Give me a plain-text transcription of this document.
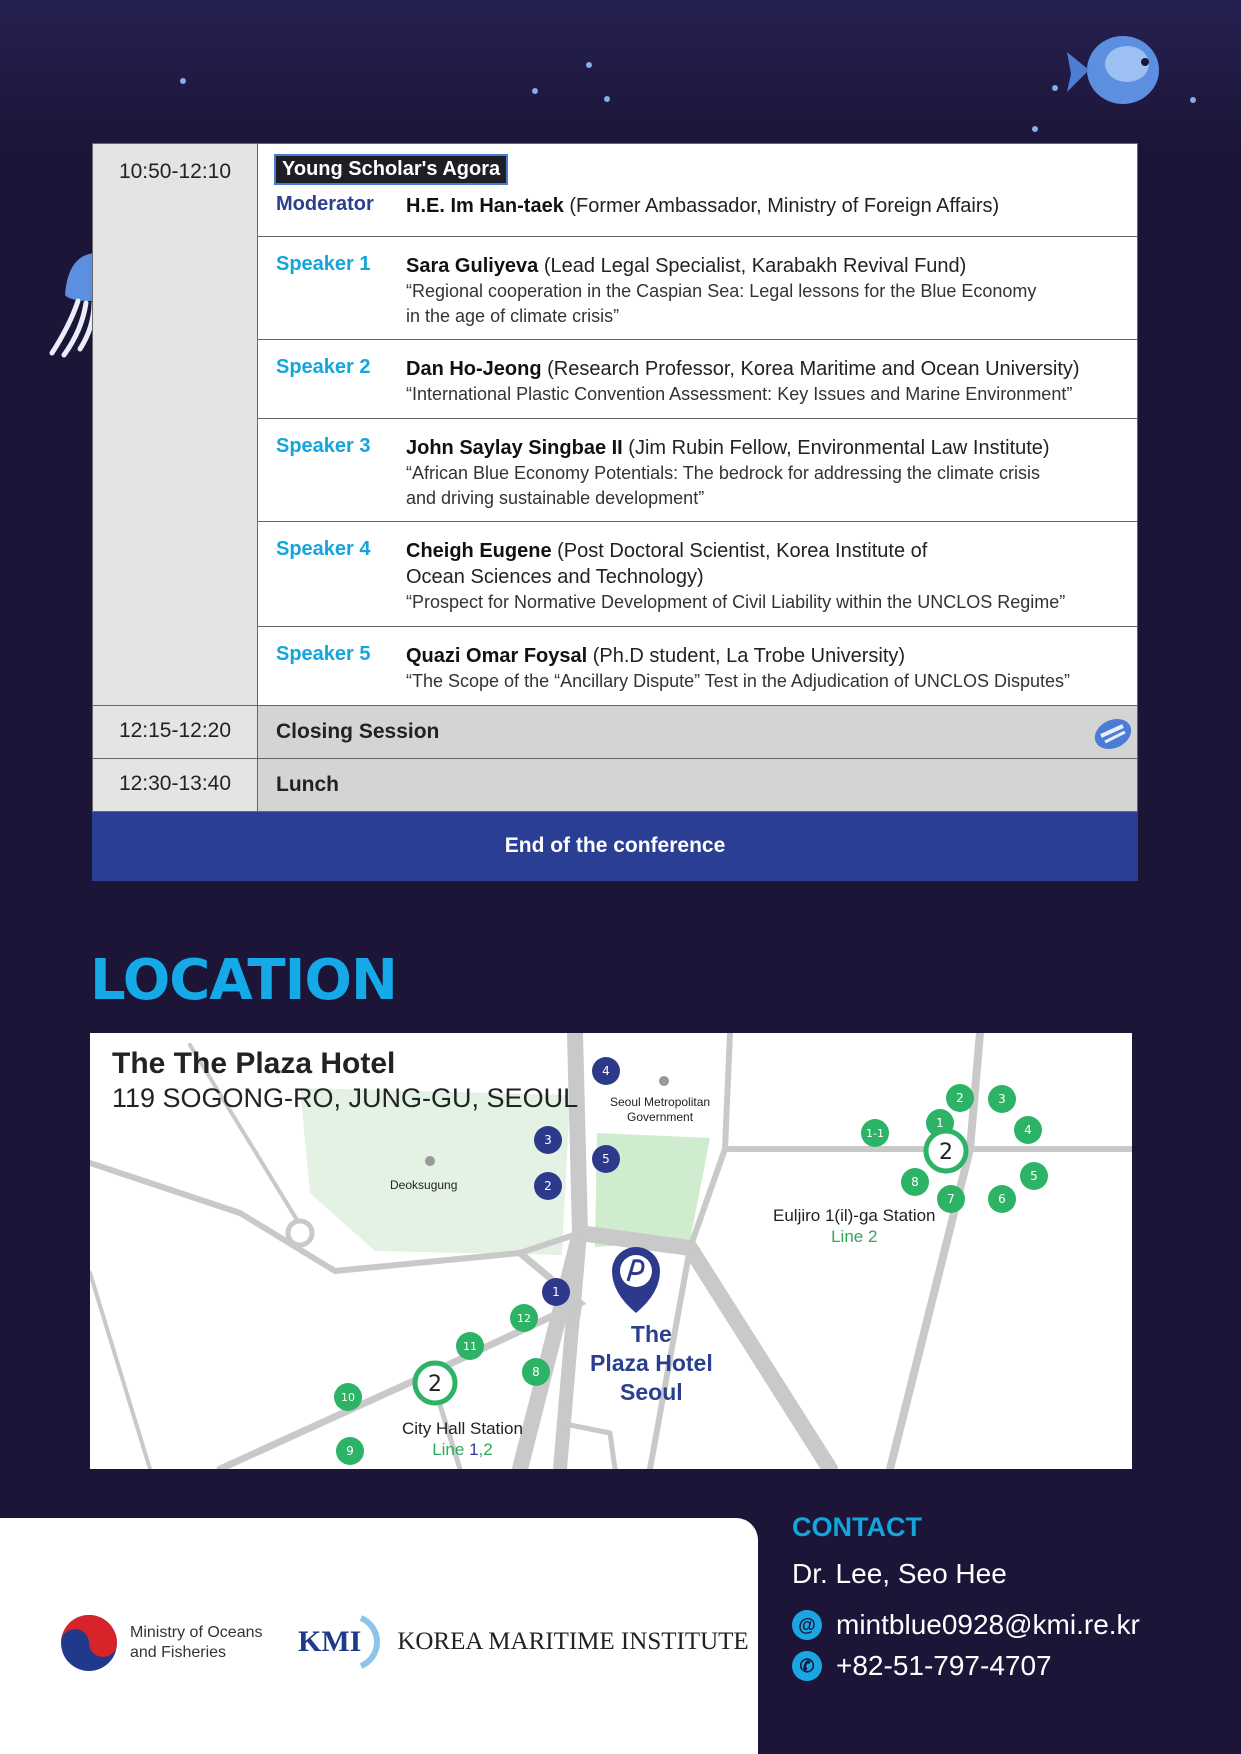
10:50-12:10	Young Scholar's Agora
Moderator H.E. Im Han-taek (Former Ambassador, Ministry of Foreign Affairs)

	Speaker 1 Sara Guliyeva (Lead Legal Specialist, Karabakh Revival Fund)
“Regional cooperation in the Caspian Sea: Legal lessons for the Blue Economy
in the age of climate crisis”

	Speaker 2 Dan Ho-Jeong (Research Professor, Korea Maritime and Ocean University)
“International Plastic Convention Assessment: Key Issues and Marine Environment”

	Speaker 3 John Saylay Singbae II (Jim Rubin Fellow, Environmental Law Institute)
“African Blue Economy Potentials: The bedrock for addressing the climate crisis
and driving sustainable development”

	Speaker 4 Cheigh Eugene (Post Doctoral Scientist, Korea Institute of
Ocean Sciences and Technology)
“Prospect for Normative Development of Civil Liability within the UNCLOS Regime”

	Speaker 5 Quazi Omar Foysal (Ph.D student, La Trobe University)
“The Scope of the “Ancillary Dispute” Test in the Adjudication of UNCLOS Disputes”

12:15-12:20	Closing Session

12:30-13:40	Lunch
End of the conference	
LOCATION
The The Plaza Hotel
119 SOGONG-RO, JUNG-GU, SEOUL
Deoksugung
Seoul Metropolitan
Government
4
3
5
2
1
2	3
1-1
1	4
8	5
7	6
12
11
8
10
9
2
2
Euljiro 1(il)-ga Station
Line 2
City Hall Station
Line 1,2
The
Plaza Hotel
Seoul
Ministry of Oceans
and Fisheries	KMI KOREA MARITIME INSTITUTE
CONTACT
Dr. Lee, Seo Hee
@ mintblue0928@kmi.re.kr
✆ +82-51-797-4707
